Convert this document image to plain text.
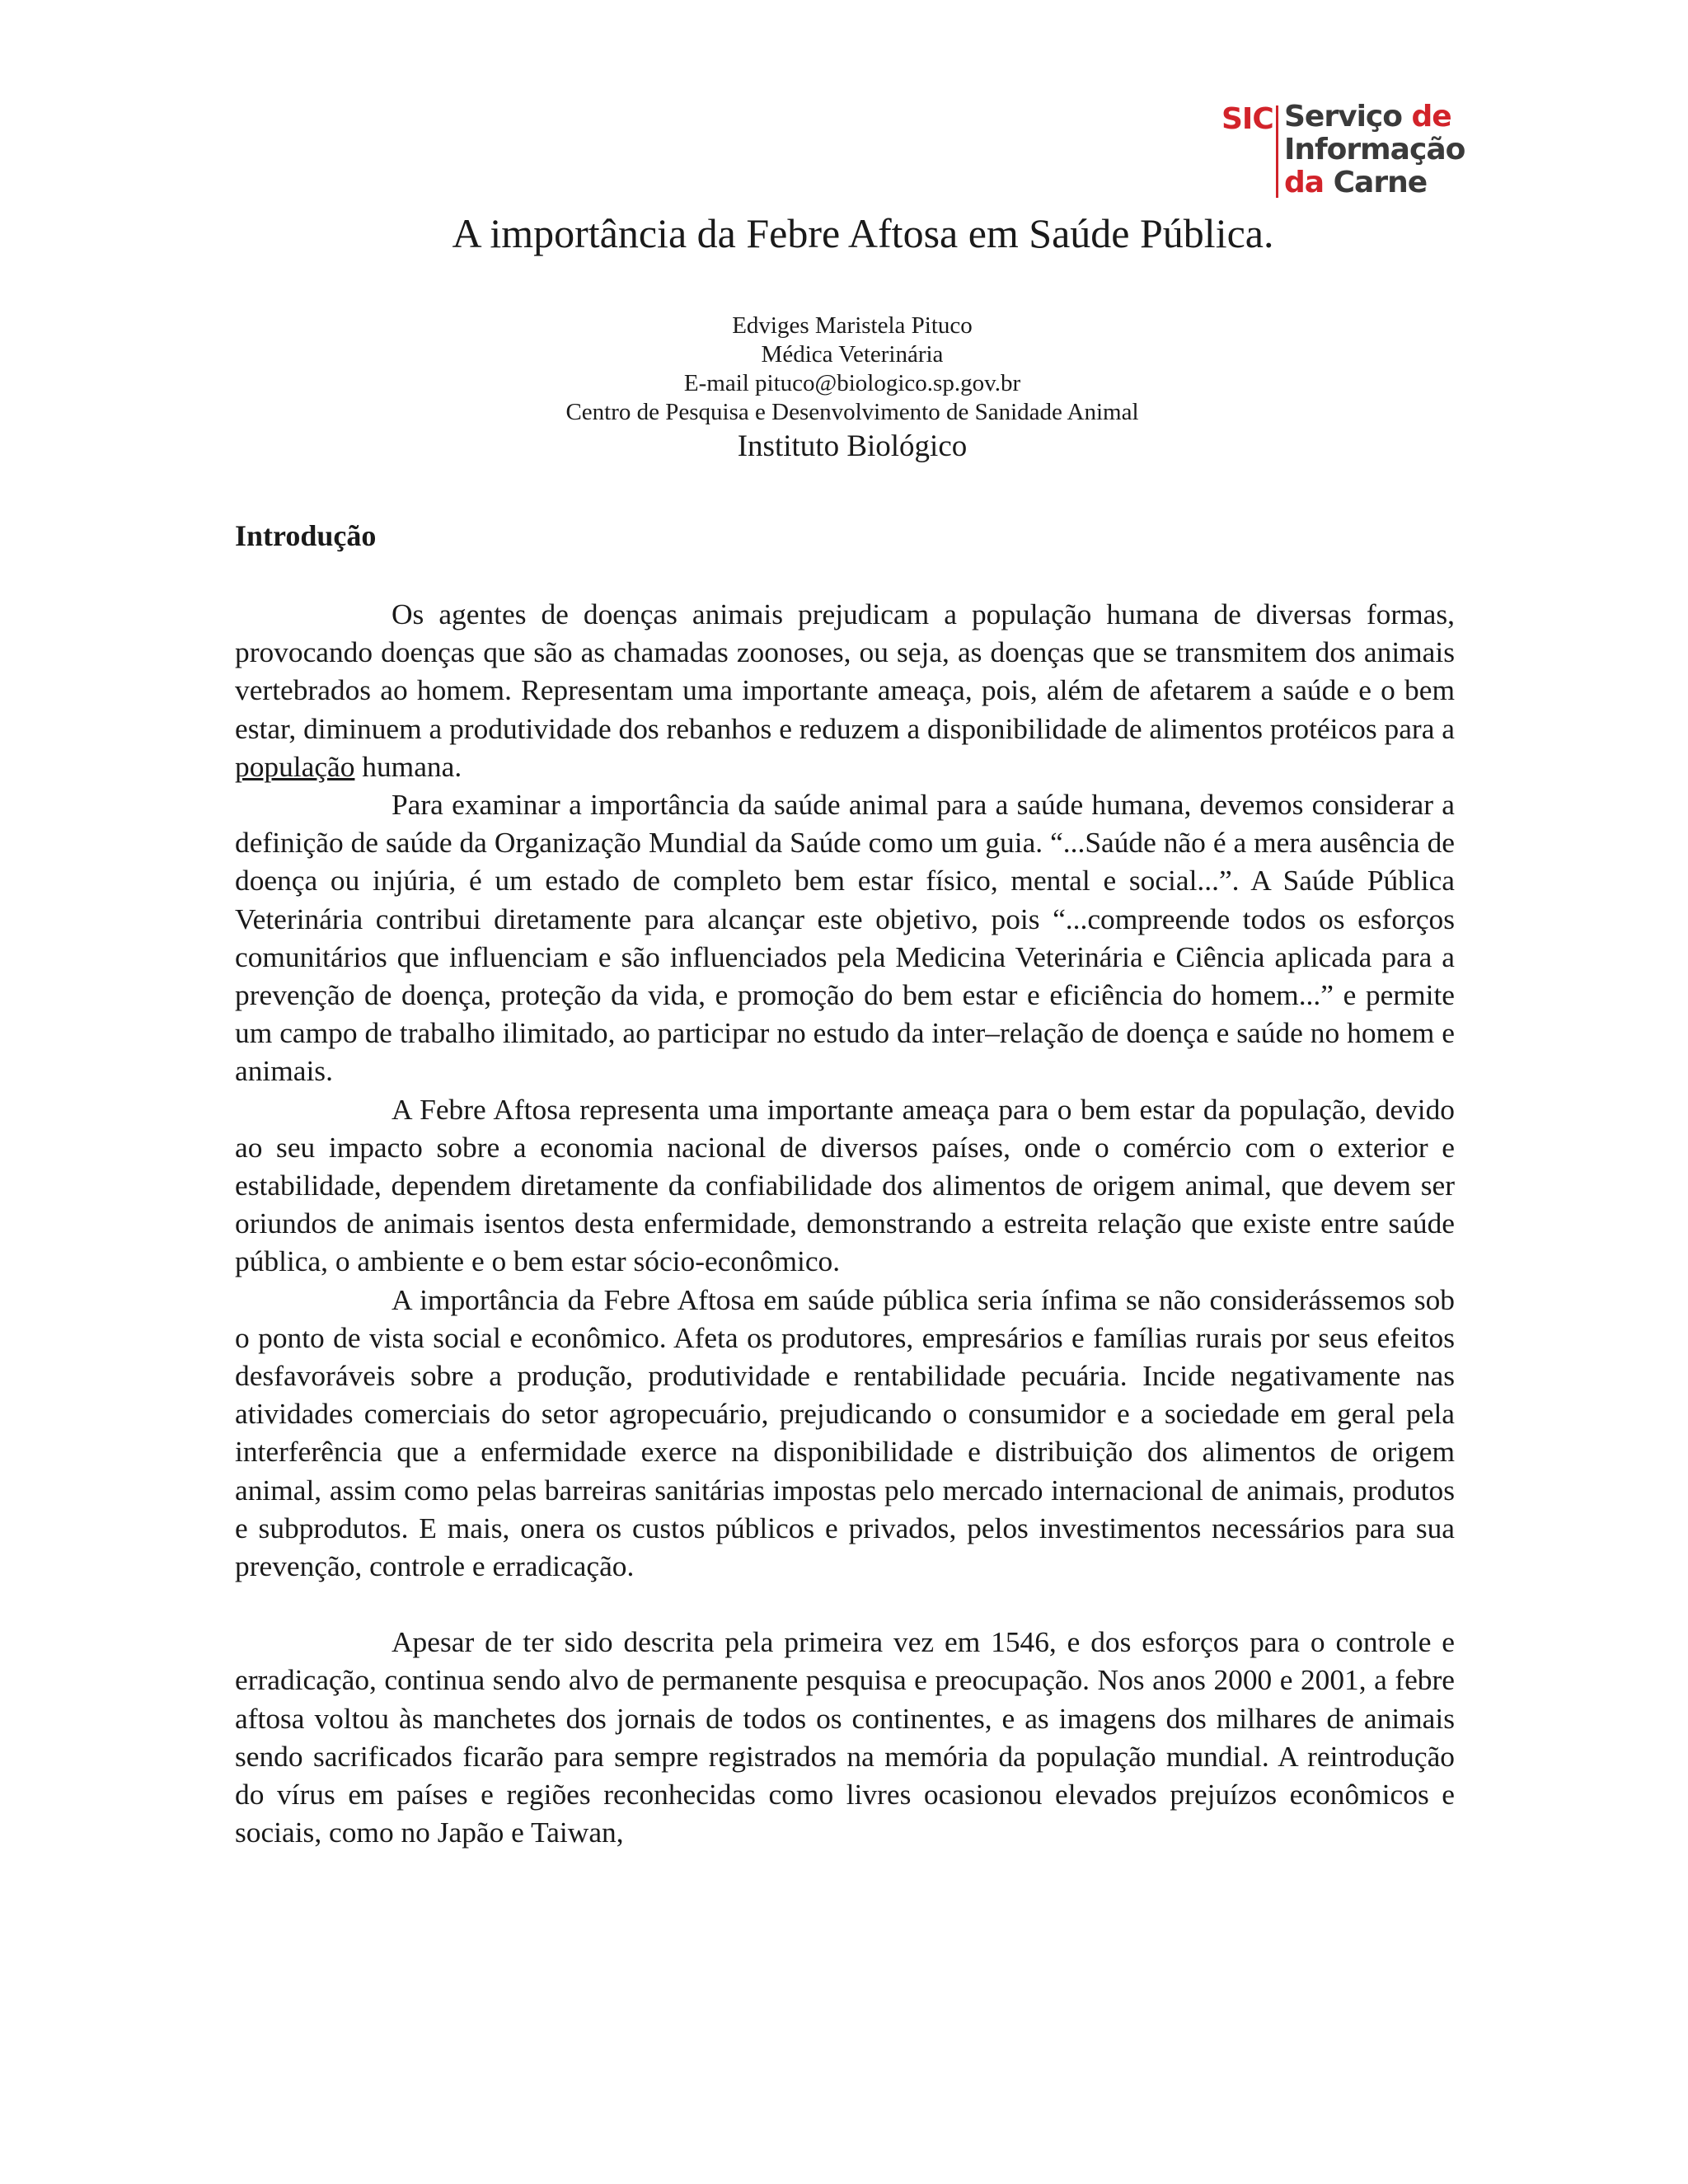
SIC Serviço de
Informação
da Carne
A importância da Febre Aftosa em Saúde Pública.
Edviges Maristela Pituco
Médica Veterinária
E-mail pituco@biologico.sp.gov.br
Centro de Pesquisa e Desenvolvimento de Sanidade Animal
Instituto Biológico
Introdução

Os agentes de doenças animais prejudicam a população humana de diversas formas, provocando doenças que são as chamadas zoonoses, ou seja, as doenças que se transmitem dos animais vertebrados ao homem. Representam uma importante ameaça, pois, além de afetarem a saúde e o bem estar, diminuem a produtividade dos rebanhos e reduzem a disponibilidade de alimentos protéicos para a população humana.

Para examinar a importância da saúde animal para a saúde humana, devemos considerar a definição de saúde da Organização Mundial da Saúde como um guia. “...Saúde não é a mera ausência de doença ou injúria, é um estado de completo bem estar físico, mental e social...”. A Saúde Pública Veterinária contribui diretamente para alcançar este objetivo, pois “...compreende todos os esforços comunitários que influenciam e são influenciados pela Medicina Veterinária e Ciência aplicada para a prevenção de doença, proteção da vida, e promoção do bem estar e eficiência do homem...” e permite um campo de trabalho ilimitado, ao participar no estudo da inter–relação de doença e saúde no homem e animais.

A Febre Aftosa representa uma importante ameaça para o bem estar da população, devido ao seu impacto sobre a economia nacional de diversos países, onde o comércio com o exterior e estabilidade, dependem diretamente da confiabilidade dos alimentos de origem animal, que devem ser oriundos de animais isentos desta enfermidade, demonstrando a estreita relação que existe entre saúde pública, o ambiente e o bem estar sócio-econômico.

A importância da Febre Aftosa em saúde pública seria ínfima se não considerássemos sob o ponto de vista social e econômico. Afeta os produtores, empresários e famílias rurais por seus efeitos desfavoráveis sobre a produção, produtividade e rentabilidade pecuária. Incide negativamente nas atividades comerciais do setor agropecuário, prejudicando o consumidor e a sociedade em geral pela interferência que a enfermidade exerce na disponibilidade e distribuição dos alimentos de origem animal, assim como pelas barreiras sanitárias impostas pelo mercado internacional de animais, produtos e subprodutos. E mais, onera os custos públicos e privados, pelos investimentos necessários para sua prevenção, controle e erradicação.

Apesar de ter sido descrita pela primeira vez em 1546, e dos esforços para o controle e erradicação, continua sendo alvo de permanente pesquisa e preocupação. Nos anos 2000 e 2001, a febre aftosa voltou às manchetes dos jornais de todos os continentes, e as imagens dos milhares de animais sendo sacrificados ficarão para sempre registrados na memória da população mundial. A reintrodução do vírus em países e regiões reconhecidas como livres ocasionou elevados prejuízos econômicos e sociais, como no Japão e Taiwan,
